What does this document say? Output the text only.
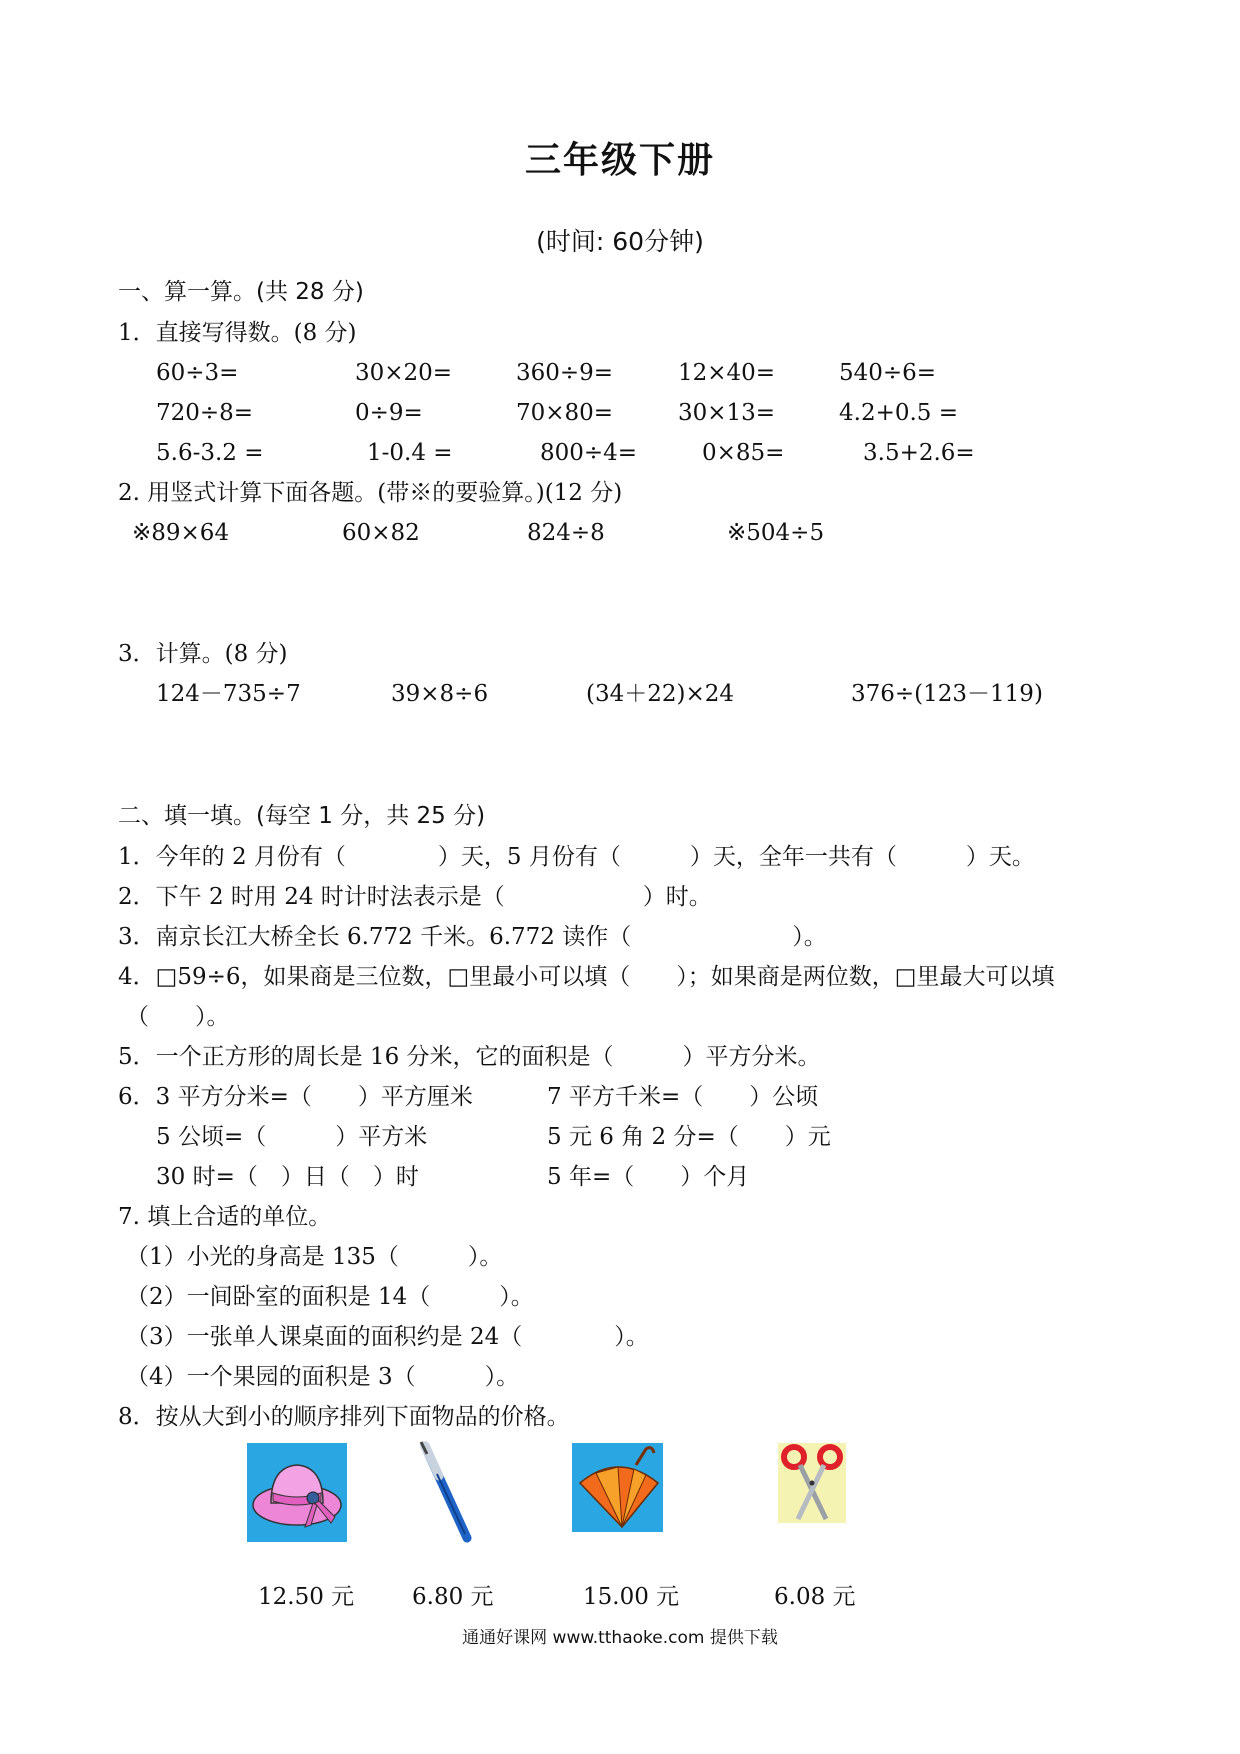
三年级下册
(时间: 60分钟)
一、算一算。(共 28 分)
1．直接写得数。(8 分)
60÷3=	30×20=	360÷9=	12×40=	540÷6=
720÷8=	0÷9=	70×80=	30×13=	4.2+0.5 =
5.6-3.2 =	1-0.4 =	800÷4=	0×85=	3.5+2.6=
2. 用竖式计算下面各题。(带※的要验算。)(12 分)
※89×64	60×82	824÷8	※504÷5
3．计算。(8 分)
124－735÷7	39×8÷6	(34＋22)×24	376÷(123－119)
二、填一填。(每空 1 分，共 25 分)
1．今年的 2 月份有（　　　　）天，5 月份有（　　　）天，全年一共有（　　　）天。
2．下午 2 时用 24 时计时法表示是（　　　　　　）时。
3．南京长江大桥全长 6.772 千米。6.772 读作（　　　　　　　）。
4．□59÷6，如果商是三位数，□里最小可以填（　　）；如果商是两位数，□里最大可以填
（　　）。
5．一个正方形的周长是 16 分米，它的面积是（　　　）平方分米。
6．3 平方分米=（　　）平方厘米	7 平方千米=（　　）公顷
5 公顷=（　　　）平方米	5 元 6 角 2 分=（　　）元
30 时=（　）日（　）时	5 年=（　　）个月
7. 填上合适的单位。
（1）小光的身高是 135（　　　）。
（2）一间卧室的面积是 14（　　　）。
（3）一张单人课桌面的面积约是 24（　　　　）。
（4）一个果园的面积是 3（　　　）。
8．按从大到小的顺序排列下面物品的价格。
12.50 元	6.80 元	15.00 元	6.08 元
通通好课网 www.tthaoke.com 提供下载
